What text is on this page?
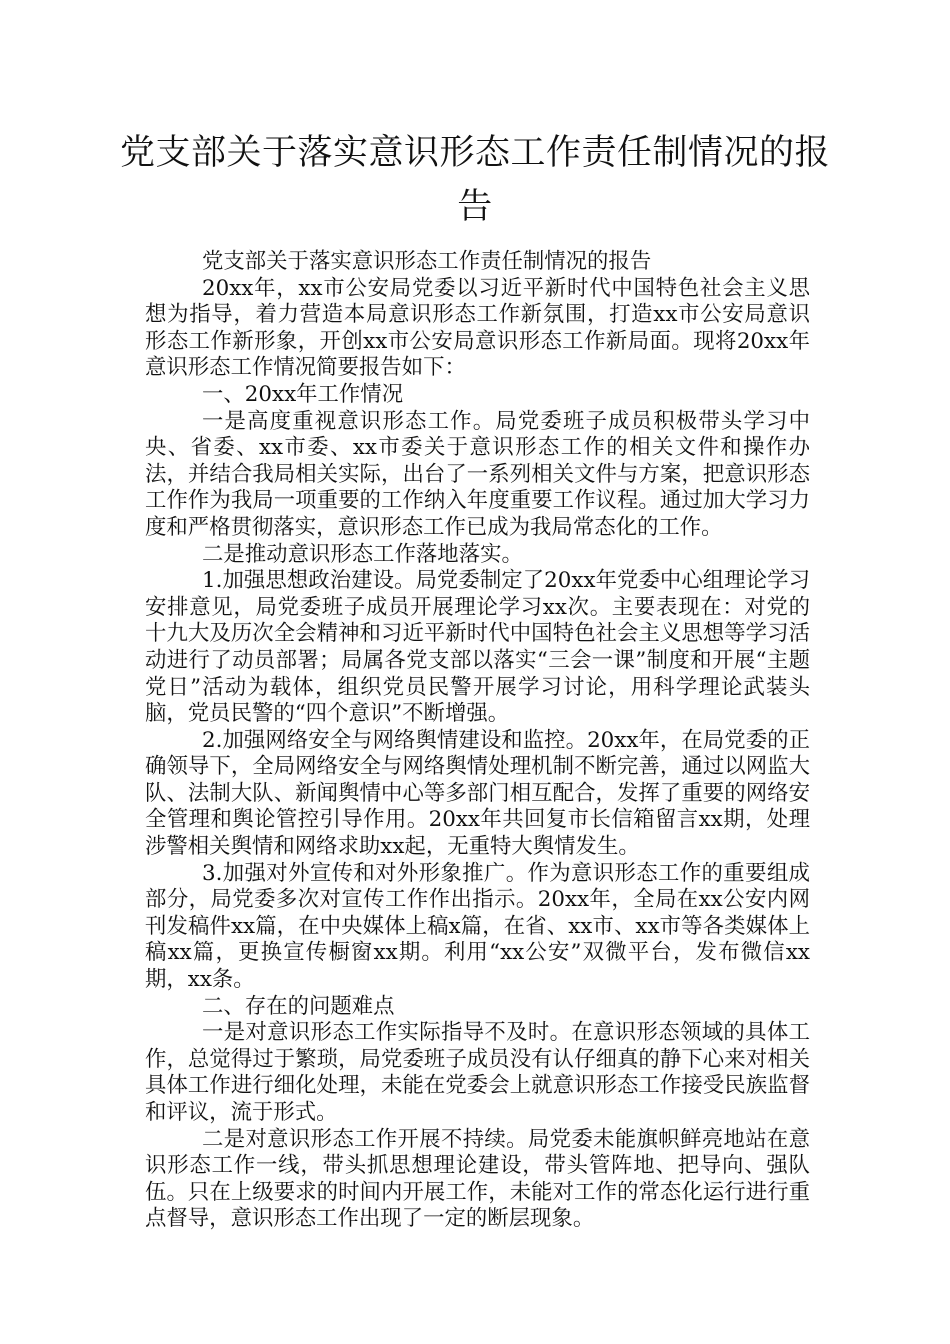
党支部关于落实意识形态工作责任制情况的报告

党支部关于落实意识形态工作责任制情况的报告

20xx年，xx市公安局党委以习近平新时代中国特色社会主义思想为指导，着力营造本局意识形态工作新氛围，打造xx市公安局意识形态工作新形象，开创xx市公安局意识形态工作新局面。现将20xx年意识形态工作情况简要报告如下：

一、20xx年工作情况

一是高度重视意识形态工作。局党委班子成员积极带头学习中央、省委、xx市委、xx市委关于意识形态工作的相关文件和操作办法，并结合我局相关实际，出台了一系列相关文件与方案，把意识形态工作作为我局一项重要的工作纳入年度重要工作议程。通过加大学习力度和严格贯彻落实，意识形态工作已成为我局常态化的工作。

二是推动意识形态工作落地落实。

1.加强思想政治建设。局党委制定了20xx年党委中心组理论学习安排意见，局党委班子成员开展理论学习xx次。主要表现在：对党的十九大及历次全会精神和习近平新时代中国特色社会主义思想等学习活动进行了动员部署；局属各党支部以落实“三会一课”制度和开展“主题党日”活动为载体，组织党员民警开展学习讨论，用科学理论武装头脑，党员民警的“四个意识”不断增强。

2.加强网络安全与网络舆情建设和监控。20xx年，在局党委的正确领导下，全局网络安全与网络舆情处理机制不断完善，通过以网监大队、法制大队、新闻舆情中心等多部门相互配合，发挥了重要的网络安全管理和舆论管控引导作用。20xx年共回复市长信箱留言xx期，处理涉警相关舆情和网络求助xx起，无重特大舆情发生。

3.加强对外宣传和对外形象推广。作为意识形态工作的重要组成部分，局党委多次对宣传工作作出指示。20xx年，全局在xx公安内网刊发稿件xx篇，在中央媒体上稿x篇，在省、xx市、xx市等各类媒体上稿xx篇，更换宣传橱窗xx期。利用“xx公安”双微平台，发布微信xx期，xx条。

二、存在的问题难点

一是对意识形态工作实际指导不及时。在意识形态领域的具体工作，总觉得过于繁琐，局党委班子成员没有认仔细真的静下心来对相关具体工作进行细化处理，未能在党委会上就意识形态工作接受民族监督和评议，流于形式。

二是对意识形态工作开展不持续。局党委未能旗帜鲜亮地站在意识形态工作一线，带头抓思想理论建设，带头管阵地、把导向、强队伍。只在上级要求的时间内开展工作，未能对工作的常态化运行进行重点督导，意识形态工作出现了一定的断层现象。
